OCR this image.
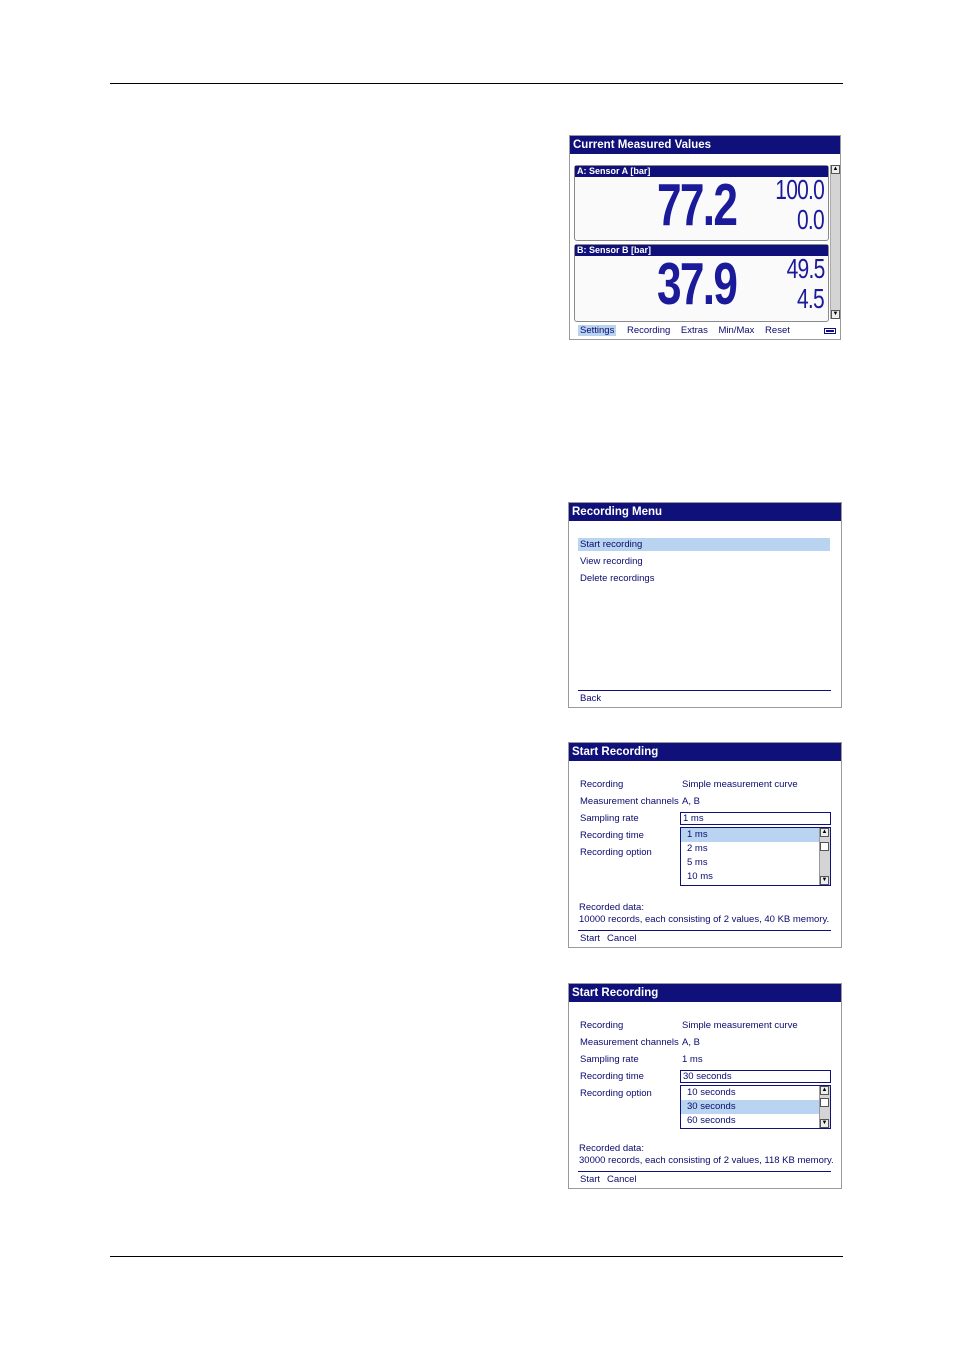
Current Measured Values
A: Sensor A [bar]
77.2 100.0
0.0
B: Sensor B [bar]
37.9 49.5
4.5
▲
▼
Settings Recording Extras Min/Max Reset
Recording Menu
Start recording
View recording
Delete recordings
Back
Start Recording
Recording
Measurement channels
Sampling rate
Recording time
Recording option
Simple measurement curve
A, B
1 ms
1 ms
2 ms
5 ms
10 ms
▲
▼
Recorded data:
10000 records, each consisting of 2 values, 40 KB memory.
Start Cancel
Start Recording
Recording
Measurement channels
Sampling rate
Recording time
Recording option
Simple measurement curve
A, B
1 ms
30 seconds
10 seconds
30 seconds
60 seconds
▲
▼
Recorded data:
30000 records, each consisting of 2 values, 118 KB memory.
Start Cancel
